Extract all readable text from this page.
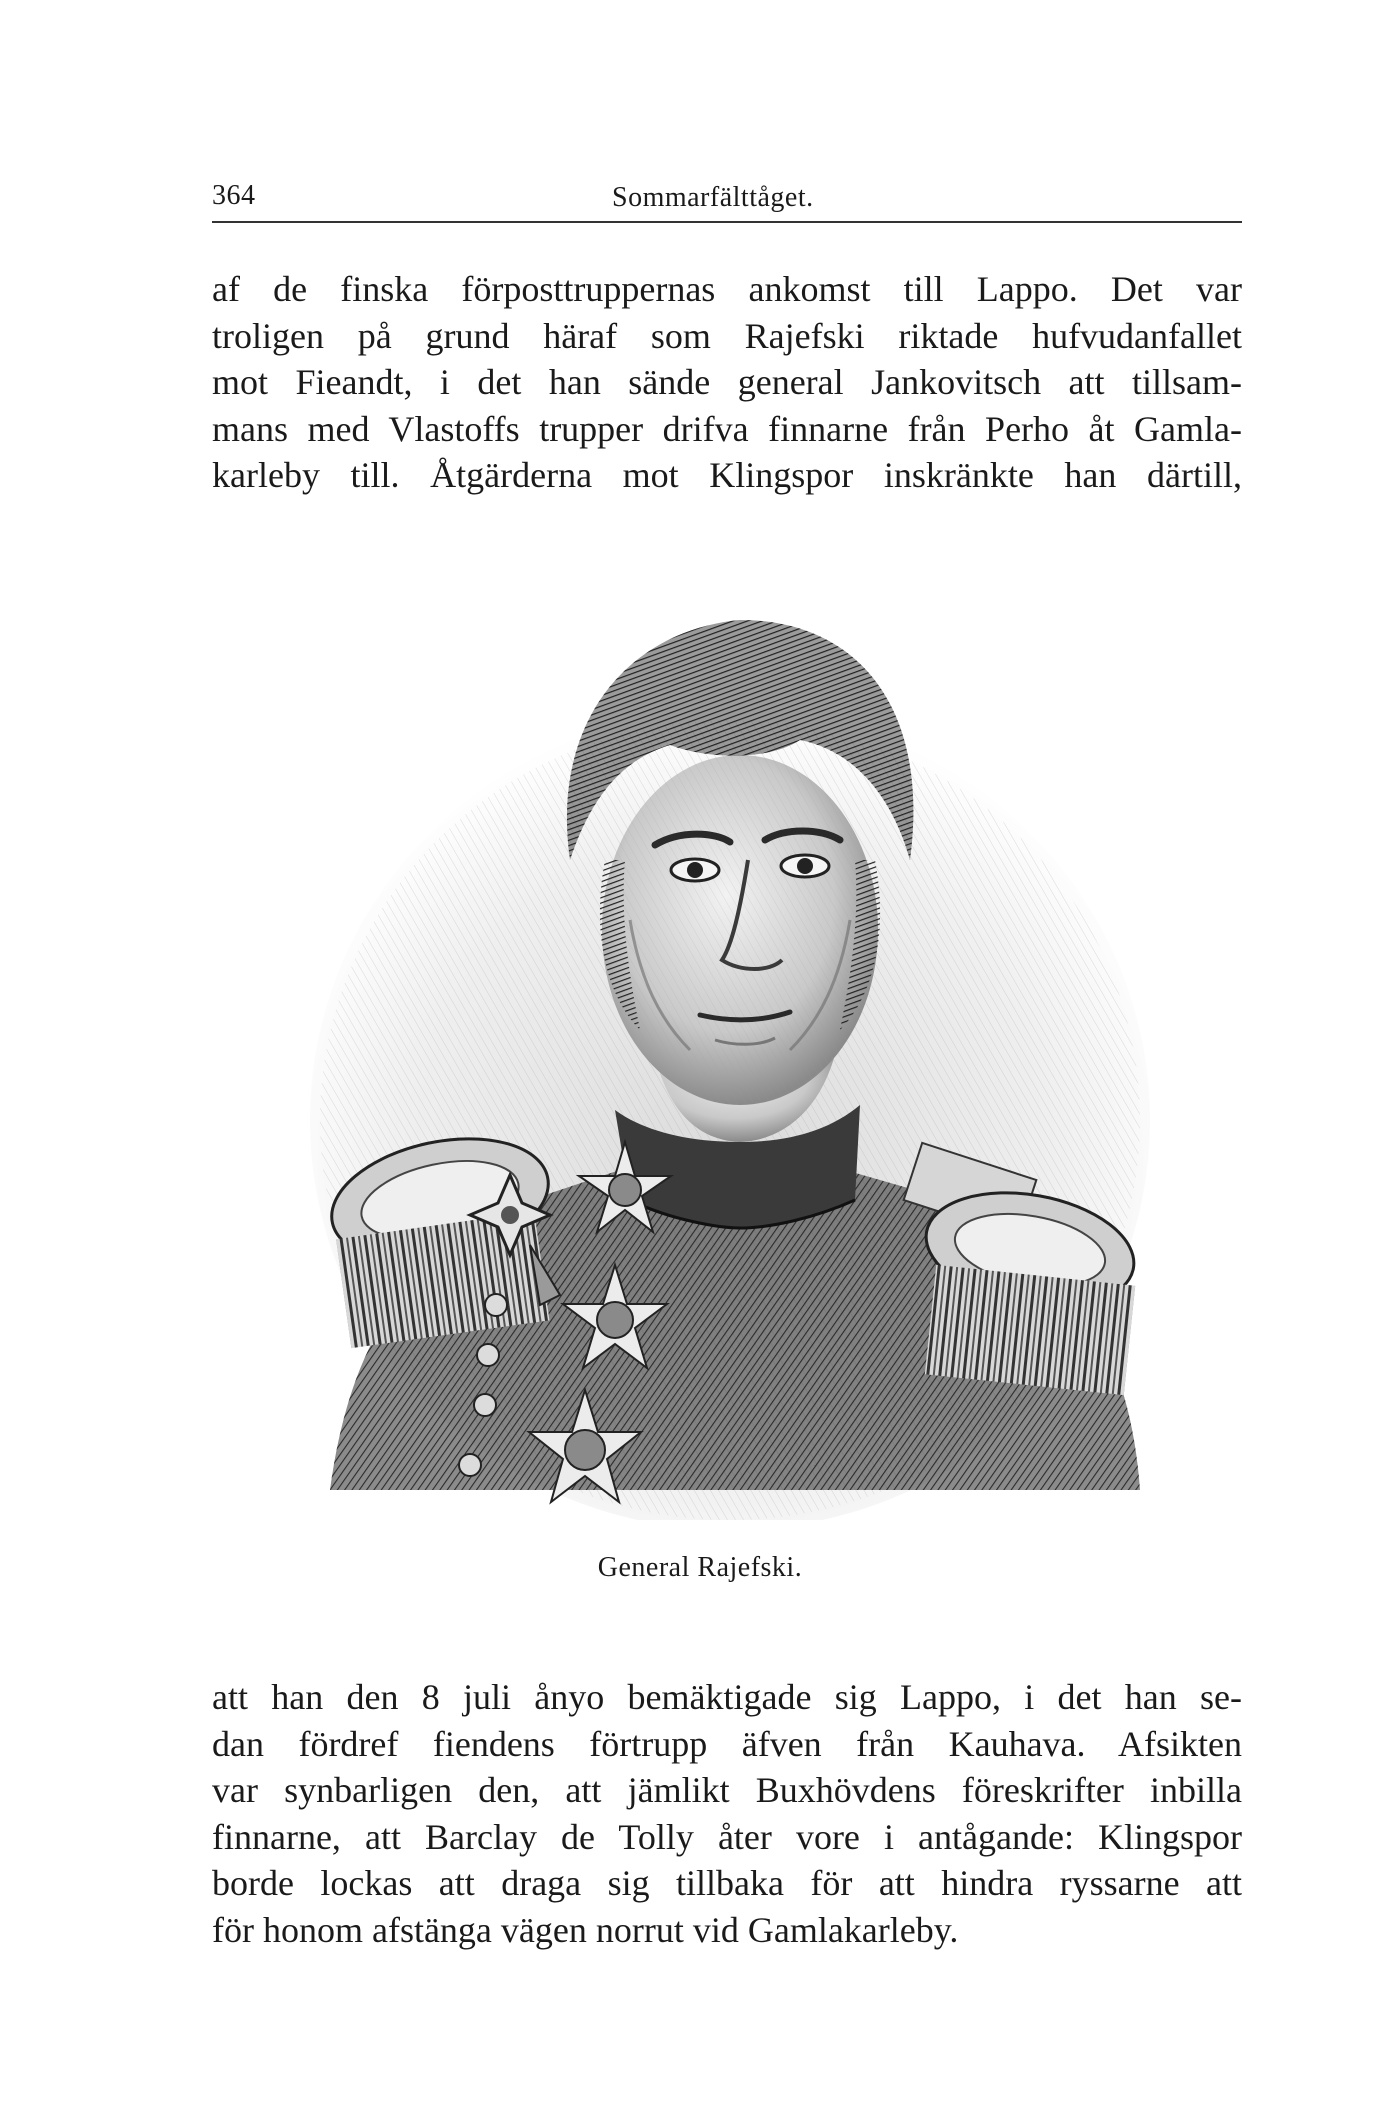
364	Sommarfälttåget.

af de finska förposttruppernas ankomst till Lappo. Det var
troligen på grund häraf som Rajefski riktade hufvudanfallet
mot Fieandt, i det han sände general Jankovitsch att tillsam-
mans med Vlastoffs trupper drifva finnarne från Perho åt Gamla-
karleby till. Åtgärderna mot Klingspor inskränkte han därtill,

General Rajefski.

att han den 8 juli ånyo bemäktigade sig Lappo, i det han se-
dan fördref fiendens förtrupp äfven från Kauhava. Afsikten
var synbarligen den, att jämlikt Buxhövdens föreskrifter inbilla
finnarne, att Barclay de Tolly åter vore i antågande: Klingspor
borde lockas att draga sig tillbaka för att hindra ryssarne att
för honom afstänga vägen norrut vid Gamlakarleby.
